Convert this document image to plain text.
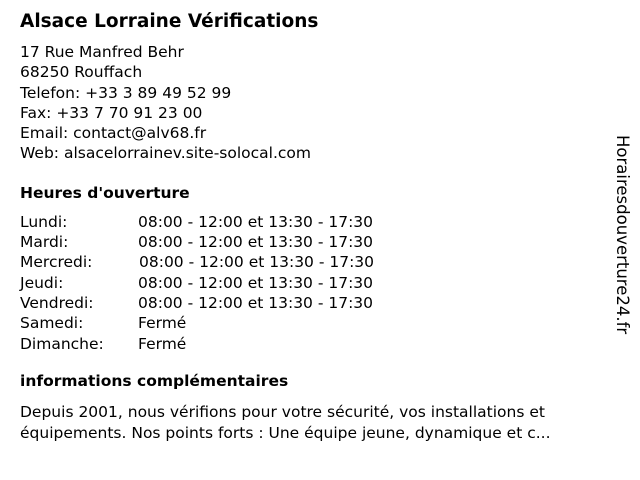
Alsace Lorraine Vérifications
17 Rue Manfred Behr
68250 Rouffach
Telefon: +33 3 89 49 52 99
Fax: +33 7 70 91 23 00
Email: contact@alv68.fr
Web: alsacelorrainev.site-solocal.com
Heures d'ouverture
Lundi:	08:00 - 12:00 et 13:30 - 17:30
Mardi:	08:00 - 12:00 et 13:30 - 17:30
Mercredi:	08:00 - 12:00 et 13:30 - 17:30
Jeudi:	08:00 - 12:00 et 13:30 - 17:30
Vendredi:	08:00 - 12:00 et 13:30 - 17:30
Samedi:	Fermé
Dimanche: Fermé
informations complémentaires
Depuis 2001, nous vérifions pour votre sécurité, vos installations et
équipements. Nos points forts : Une équipe jeune, dynamique et c...
Horairesdouverture24.fr
